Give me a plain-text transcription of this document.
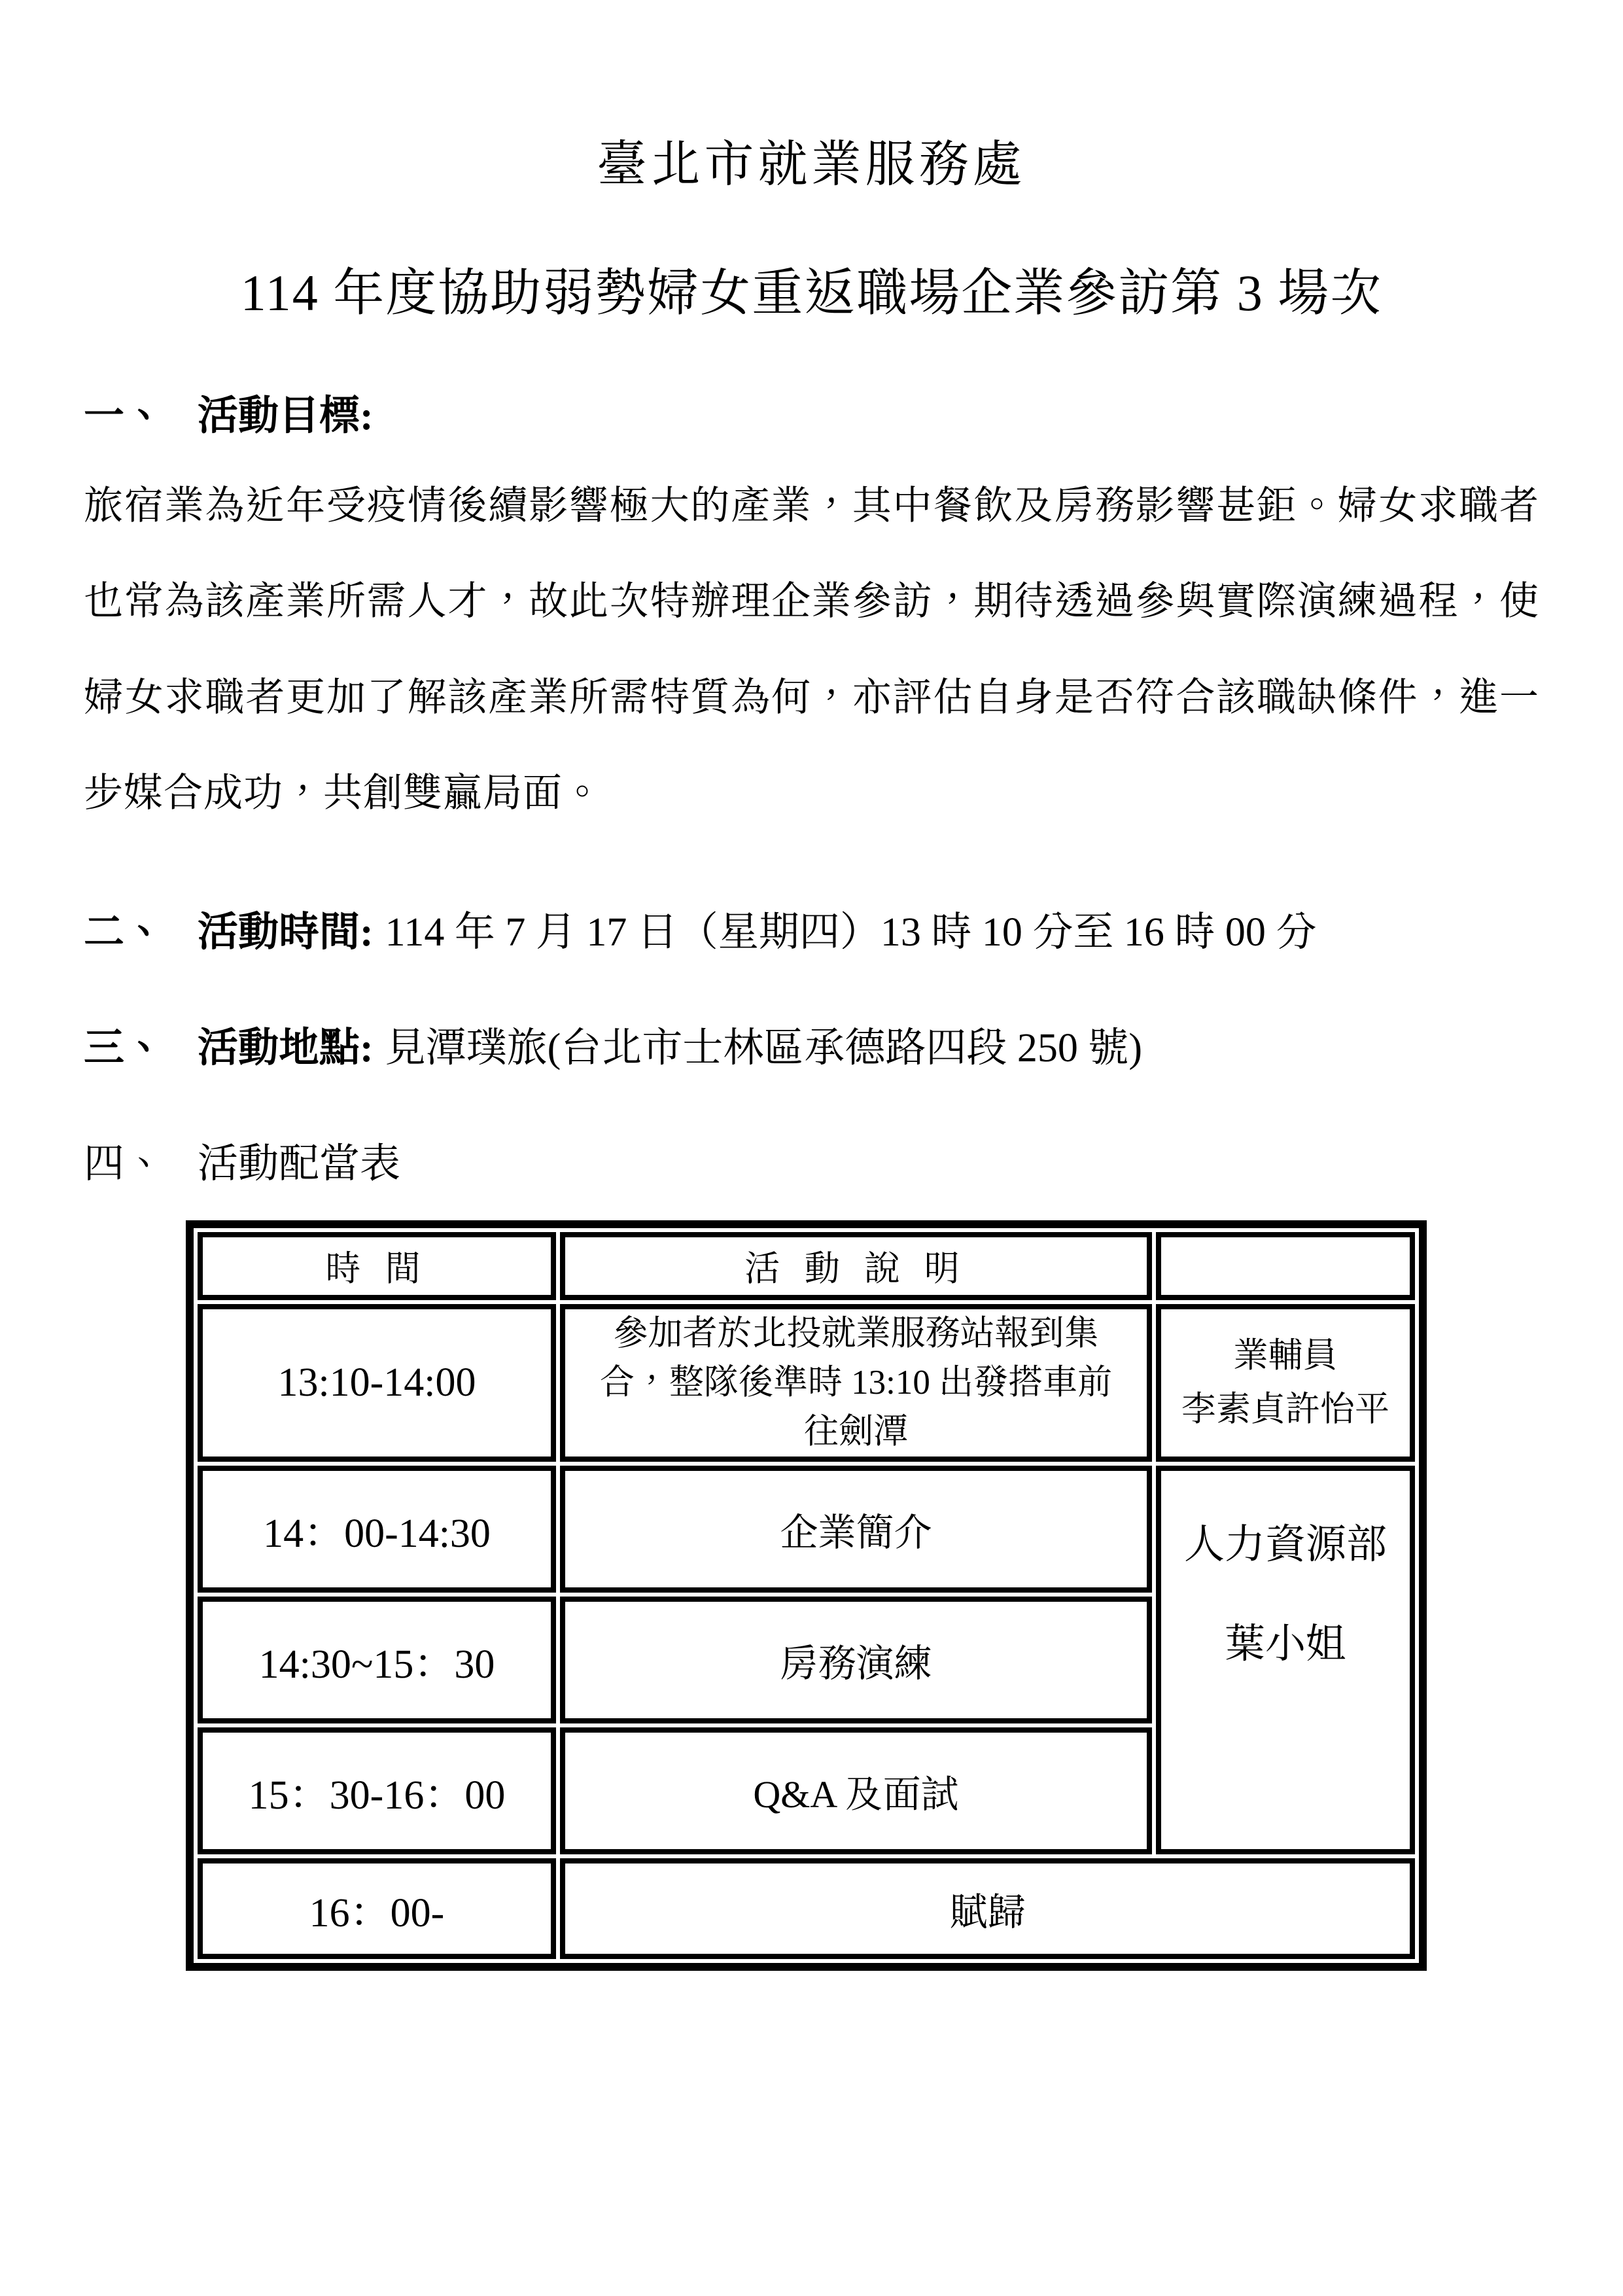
臺北市就業服務處
114 年度協助弱勢婦女重返職場企業參訪第 3 場次
一、 活動目標:
旅宿業為近年受疫情後續影響極大的產業，其中餐飲及房務影響甚鉅。婦女求職者也常為該產業所需人才，故此次特辦理企業參訪，期待透過參與實際演練過程，使婦女求職者更加了解該產業所需特質為何，亦評估自身是否符合該職缺條件，進一步媒合成功，共創雙贏局面。
二、 活動時間: 114 年 7 月 17 日（星期四）13 時 10 分至 16 時 00 分
三、 活動地點: 見潭璞旅(台北市士林區承德路四段 250 號)
四、 活動配當表
時 間	活 動 說 明	
13:10-14:00	參加者於北投就業服務站報到集合，整隊後準時 13:10 出發搭車前往劍潭	業輔員
李素貞許怡平

14：00-14:30	企業簡介	人力資源部
葉小姐

14:30~15：30	房務演練	
15：30-16：00	Q&A 及面試	
16：00-	賦歸	
